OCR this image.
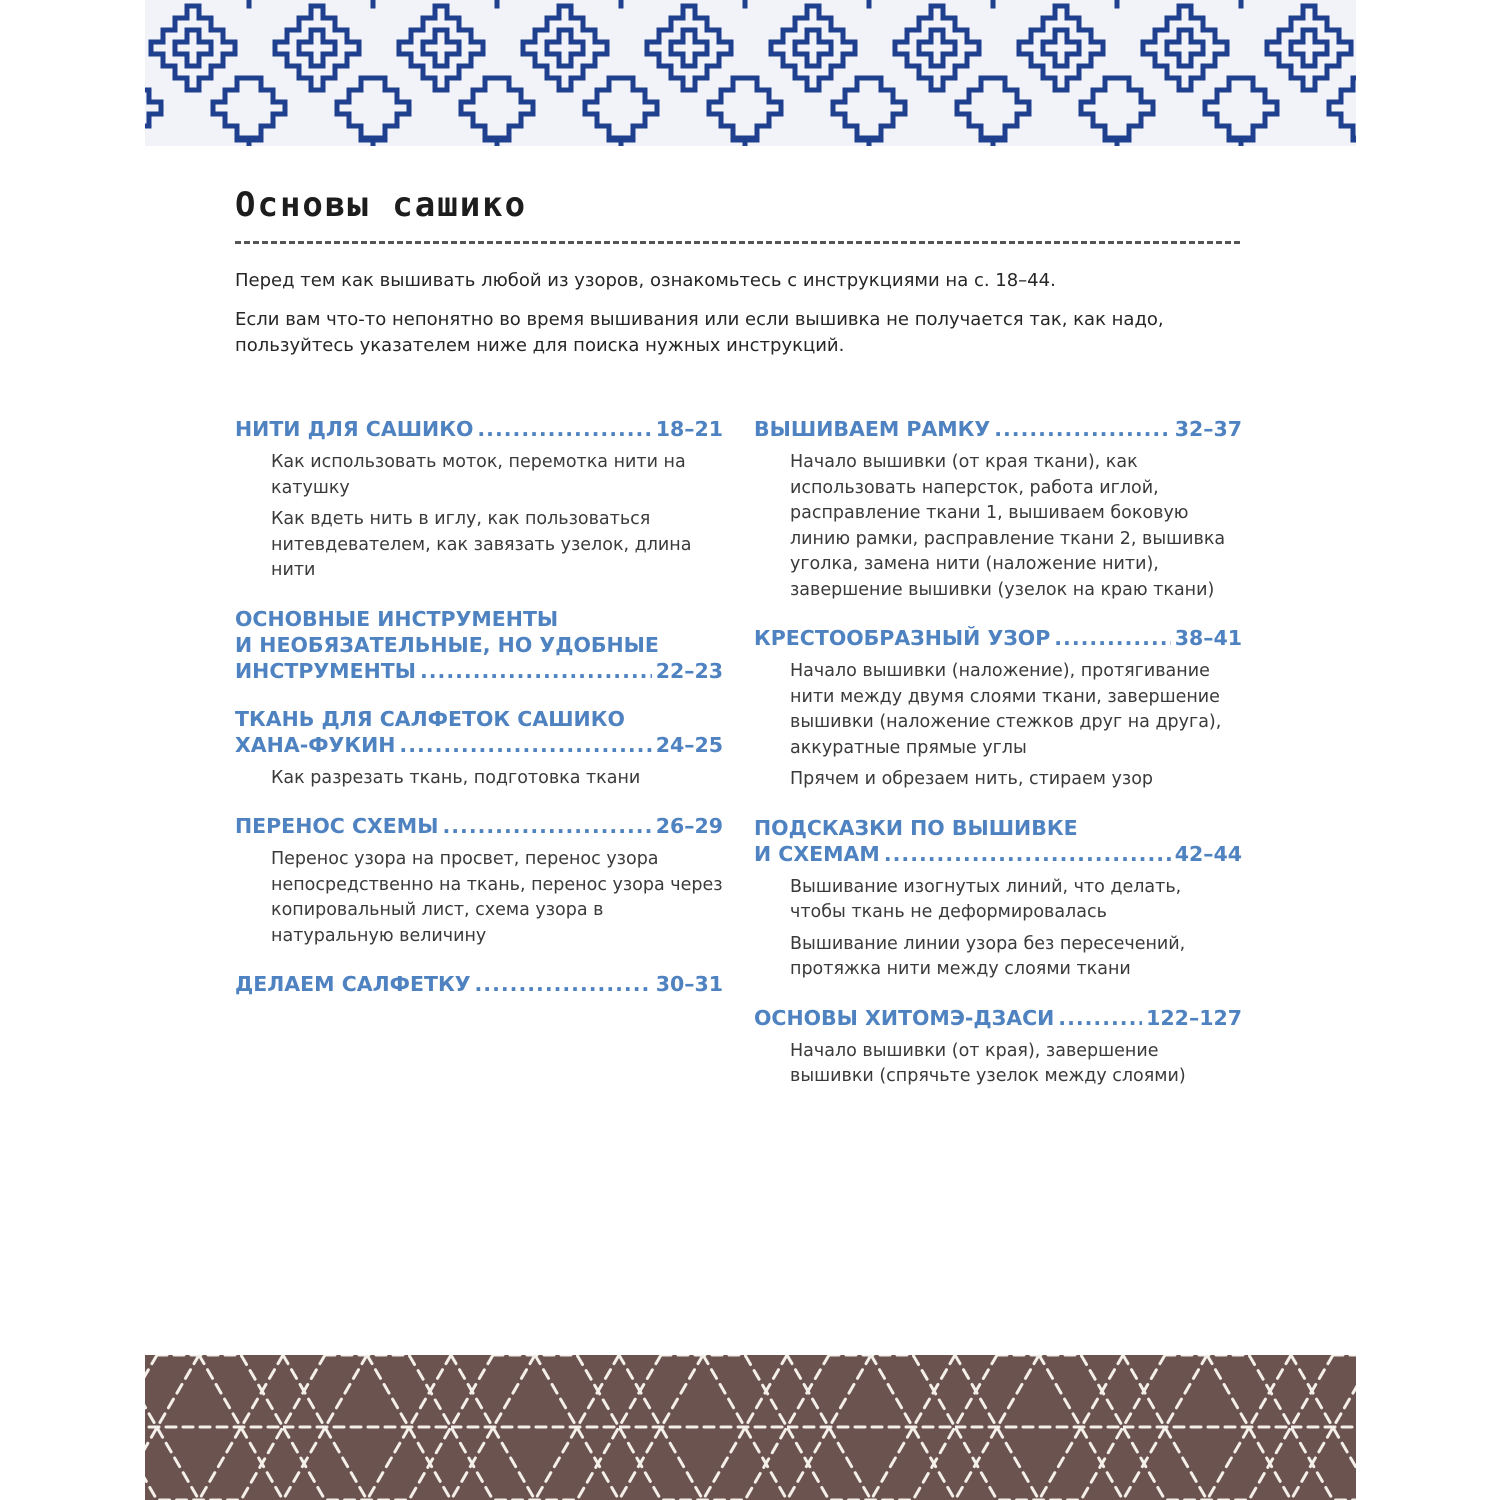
Основы сашико

Перед тем как вышивать любой из узоров, ознакомьтесь с инструкциями на с. 18–44.

Если вам что-то непонятно во время вышивания или если вышивка не получается так, как надо, пользуйтесь указателем ниже для поиска нужных инструкций.

НИТИ ДЛЯ САШИКО .....	18–21

Как использовать моток, перемотка нити на катушку

Как вдеть нить в иглу, как пользоваться нитевдевателем, как завязать узелок, длина нити

ОСНОВНЫЕ ИНСТРУМЕНТЫ
И НЕОБЯЗАТЕЛЬНЫЕ, НО УДОБНЫЕ
ИНСТРУМЕНТЫ .....	22–23
ТКАНЬ ДЛЯ САЛФЕТОК САШИКО
ХАНА-ФУКИН .....	24–25

Как разрезать ткань, подготовка ткани

ПЕРЕНОС СХЕМЫ .....	26–29

Перенос узора на просвет, перенос узора непосредственно на ткань, перенос узора через копировальный лист, схема узора в натуральную величину

ДЕЛАЕМ САЛФЕТКУ .....	30–31
ВЫШИВАЕМ РАМКУ .....	32–37

Начало вышивки (от края ткани), как использовать наперсток, работа иглой, расправление ткани 1, вышиваем боковую линию рамки, расправление ткани 2, вышивка уголка, замена нити (наложение нити), завершение вышивки (узелок на краю ткани)

КРЕСТООБРАЗНЫЙ УЗОР .....	38–41

Начало вышивки (наложение), протягивание нити между двумя слоями ткани, завершение вышивки (наложение стежков друг на друга), аккуратные прямые углы

Прячем и обрезаем нить, стираем узор

ПОДСКАЗКИ ПО ВЫШИВКЕ
И СХЕМАМ .....	42–44

Вышивание изогнутых линий, что делать, чтобы ткань не деформировалась

Вышивание линии узора без пересечений, протяжка нити между слоями ткани

ОСНОВЫ ХИТОМЭ-ДЗАСИ .....	122–127

Начало вышивки (от края), завершение вышивки (спрячьте узелок между слоями)
